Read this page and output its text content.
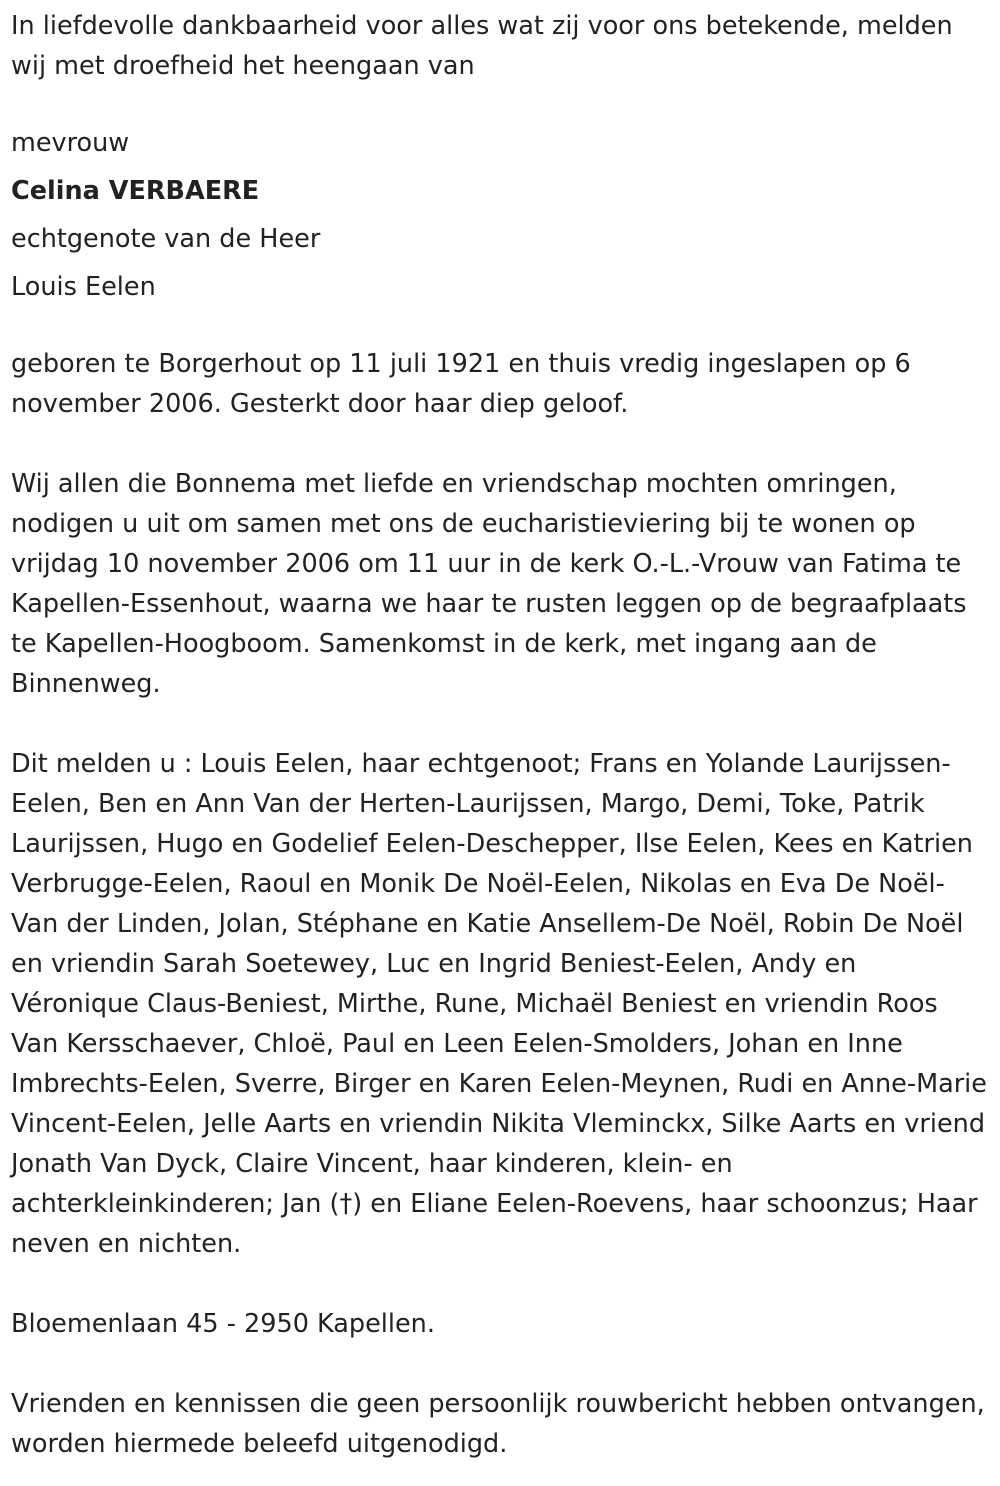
In liefdevolle dankbaarheid voor alles wat zij voor ons betekende, melden wij met droefheid het heengaan van

mevrouw

Celina VERBAERE

echtgenote van de Heer

Louis Eelen

geboren te Borgerhout op 11 juli 1921 en thuis vredig ingeslapen op 6 november 2006. Gesterkt door haar diep geloof.

Wij allen die Bonnema met liefde en vriendschap mochten omringen, nodigen u uit om samen met ons de eucharistieviering bij te wonen op vrijdag 10 november 2006 om 11 uur in de kerk O.-L.-Vrouw van Fatima te Kapellen-Essenhout, waarna we haar te rusten leggen op de begraafplaats te Kapellen-Hoogboom. Samenkomst in de kerk, met ingang aan de Binnenweg.

Dit melden u : Louis Eelen, haar echtgenoot; Frans en Yolande Laurijssen-Eelen, Ben en Ann Van der Herten-Laurijssen, Margo, Demi, Toke, Patrik Laurijssen, Hugo en Godelief Eelen-Deschepper, Ilse Eelen, Kees en Katrien Verbrugge-Eelen, Raoul en Monik De Noël-Eelen, Nikolas en Eva De Noël-Van der Linden, Jolan, Stéphane en Katie Ansellem-De Noël, Robin De Noël en vriendin Sarah Soetewey, Luc en Ingrid Beniest-Eelen, Andy en Véronique Claus-Beniest, Mirthe, Rune, Michaël Beniest en vriendin Roos Van Kersschaever, Chloë, Paul en Leen Eelen-Smolders, Johan en Inne Imbrechts-Eelen, Sverre, Birger en Karen Eelen-Meynen, Rudi en Anne-Marie Vincent-Eelen, Jelle Aarts en vriendin Nikita Vleminckx, Silke Aarts en vriend Jonath Van Dyck, Claire Vincent, haar kinderen, klein- en achterkleinkinderen; Jan (†) en Eliane Eelen-Roevens, haar schoonzus; Haar neven en nichten.

Bloemenlaan 45 - 2950 Kapellen.

Vrienden en kennissen die geen persoonlijk rouwbericht hebben ontvangen, worden hiermede beleefd uitgenodigd.
